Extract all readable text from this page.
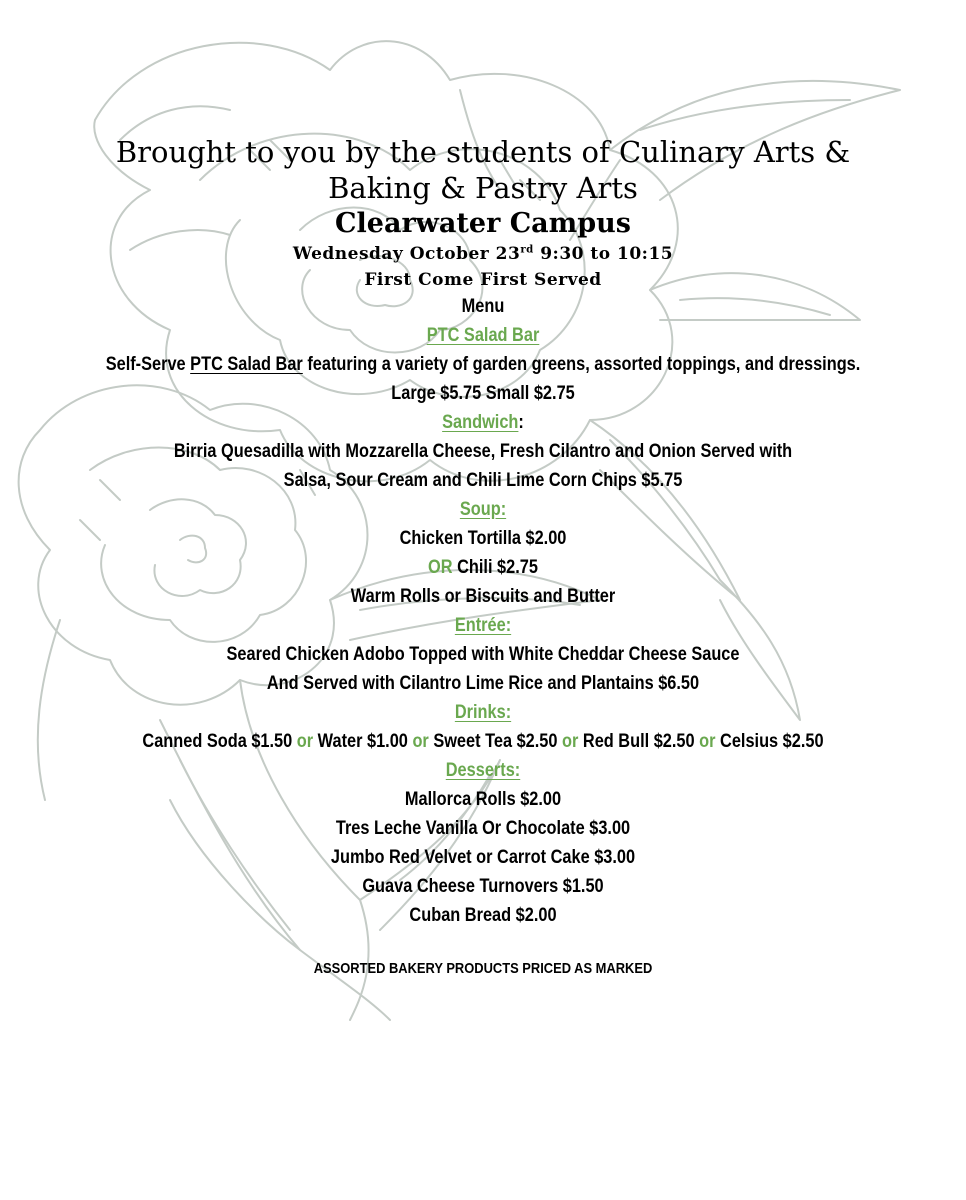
Brought to you by the students of Culinary Arts &
Baking & Pastry Arts
Clearwater Campus
Wednesday October 23rd 9:30 to 10:15
First Come First Served
Menu
PTC Salad Bar
Self-Serve PTC Salad Bar featuring a variety of garden greens, assorted toppings, and dressings.
Large $5.75 Small $2.75
Sandwich:
Birria Quesadilla with Mozzarella Cheese, Fresh Cilantro and Onion Served with
Salsa, Sour Cream and Chili Lime Corn Chips $5.75
Soup:
Chicken Tortilla $2.00
OR Chili $2.75
Warm Rolls or Biscuits and Butter
Entrée:
Seared Chicken Adobo Topped with White Cheddar Cheese Sauce
And Served with Cilantro Lime Rice and Plantains $6.50
Drinks:
Canned Soda $1.50 or Water $1.00 or Sweet Tea $2.50 or Red Bull $2.50 or Celsius $2.50
Desserts:
Mallorca Rolls $2.00
Tres Leche Vanilla Or Chocolate $3.00
Jumbo Red Velvet or Carrot Cake $3.00
Guava Cheese Turnovers $1.50
Cuban Bread $2.00
ASSORTED BAKERY PRODUCTS PRICED AS MARKED
